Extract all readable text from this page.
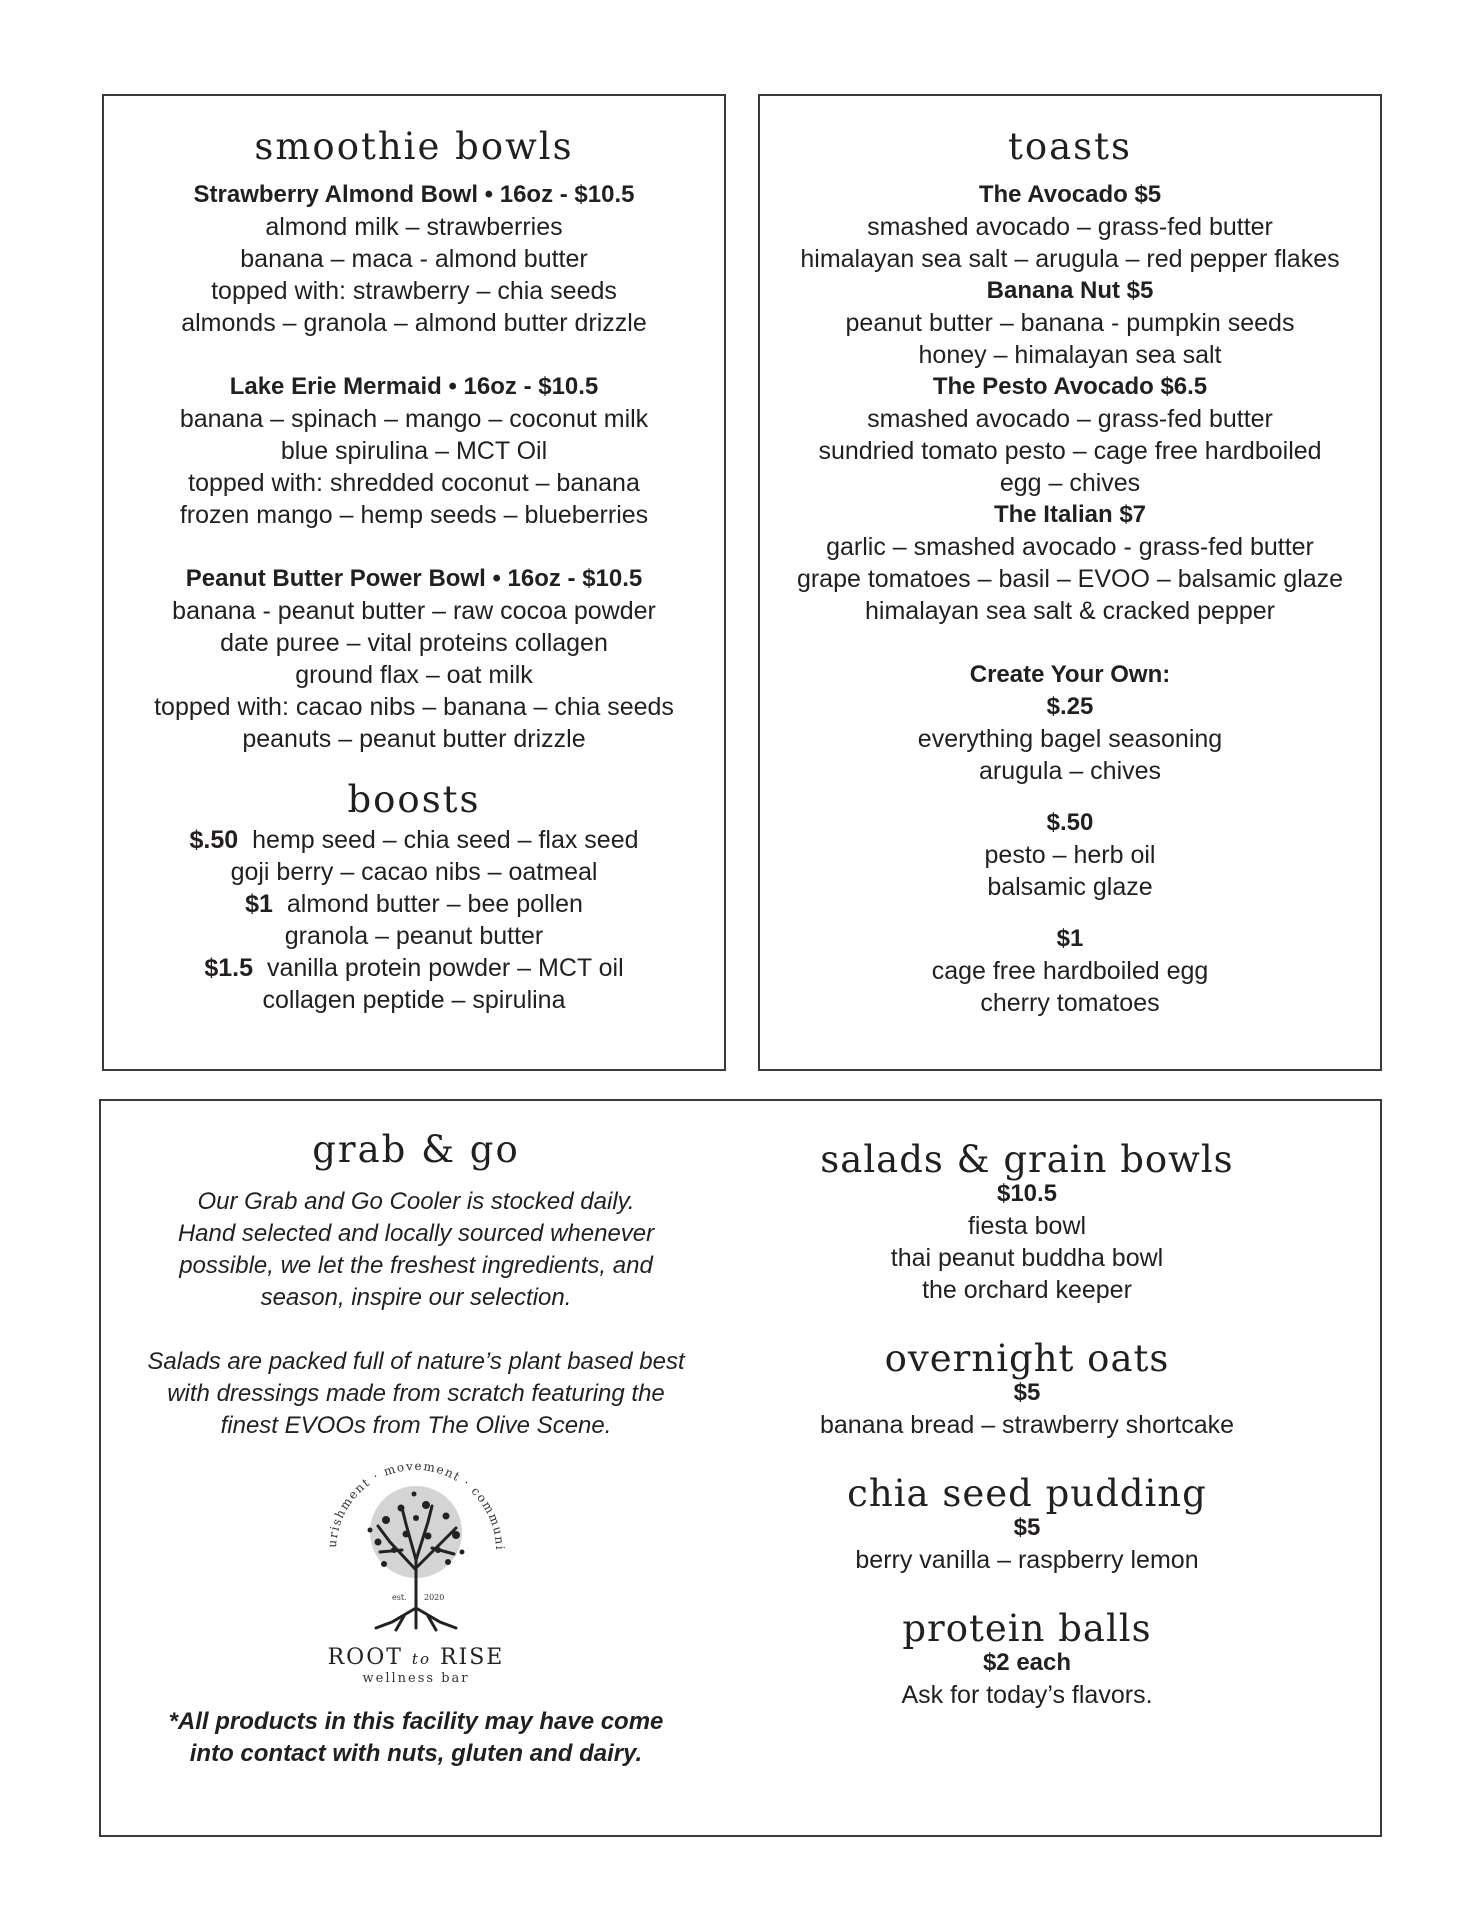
smoothie bowls
Strawberry Almond Bowl • 16oz - $10.5
almond milk – strawberries
banana – maca - almond butter
topped with: strawberry – chia seeds
almonds – granola – almond butter drizzle
Lake Erie Mermaid • 16oz - $10.5
banana – spinach – mango – coconut milk
blue spirulina – MCT Oil
topped with: shredded coconut – banana
frozen mango – hemp seeds – blueberries
Peanut Butter Power Bowl • 16oz - $10.5
banana - peanut butter – raw cocoa powder
date puree – vital proteins collagen
ground flax – oat milk
topped with: cacao nibs – banana – chia seeds
peanuts – peanut butter drizzle
boosts
$.50 hemp seed – chia seed – flax seed
goji berry – cacao nibs – oatmeal
$1 almond butter – bee pollen
granola – peanut butter
$1.5 vanilla protein powder – MCT oil
collagen peptide – spirulina
toasts
The Avocado $5
smashed avocado – grass-fed butter
himalayan sea salt – arugula – red pepper flakes
Banana Nut $5
peanut butter – banana - pumpkin seeds
honey – himalayan sea salt
The Pesto Avocado $6.5
smashed avocado – grass-fed butter
sundried tomato pesto – cage free hardboiled
egg – chives
The Italian $7
garlic – smashed avocado - grass-fed butter
grape tomatoes – basil – EVOO – balsamic glaze
himalayan sea salt & cracked pepper
Create Your Own:
$.25
everything bagel seasoning
arugula – chives
$.50
pesto – herb oil
balsamic glaze
$1
cage free hardboiled egg
cherry tomatoes
grab & go
Our Grab and Go Cooler is stocked daily.
Hand selected and locally sourced whenever
possible, we let the freshest ingredients, and
season, inspire our selection.
Salads are packed full of nature’s plant based best
with dressings made from scratch featuring the
finest EVOOs from The Olive Scene.
urishment · movement · communi
est. 2020
ROOT to RISE
wellness bar
*All products in this facility may have come
into contact with nuts, gluten and dairy.
salads & grain bowls
$10.5
fiesta bowl
thai peanut buddha bowl
the orchard keeper
overnight oats
$5
banana bread – strawberry shortcake
chia seed pudding
$5
berry vanilla – raspberry lemon
protein balls
$2 each
Ask for today’s flavors.
